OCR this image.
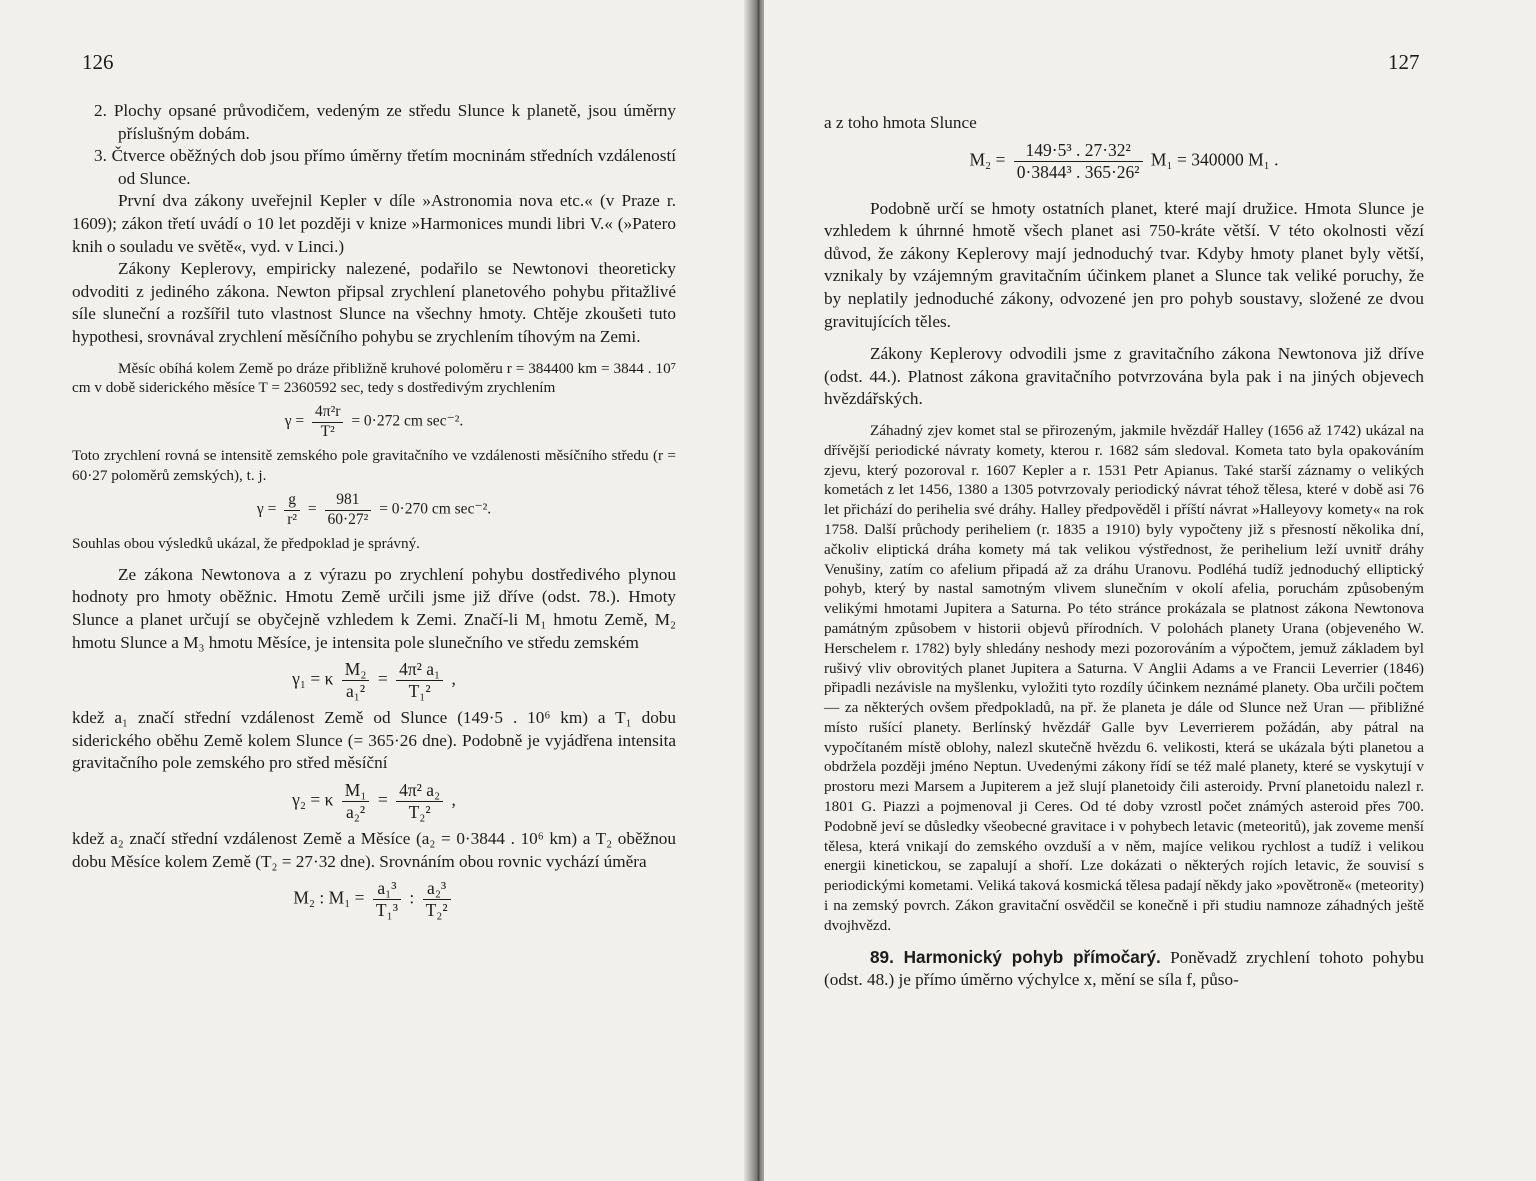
126

2. Plochy opsané průvodičem, vedeným ze středu Slunce k planetě, jsou úměrny příslušným dobám.

3. Čtverce oběžných dob jsou přímo úměrny třetím mocninám středních vzdáleností od Slunce.

První dva zákony uveřejnil Kepler v díle »Astronomia nova etc.« (v Praze r. 1609); zákon třetí uvádí o 10 let později v knize »Harmonices mundi libri V.« (»Patero knih o souladu ve světě«, vyd. v Linci.)

Zákony Keplerovy, empiricky nalezené, podařilo se Newtonovi theoreticky odvoditi z jediného zákona. Newton připsal zrychlení planetového pohybu přitažlivé síle sluneční a rozšířil tuto vlastnost Slunce na všechny hmoty. Chtěje zkoušeti tuto hypothesi, srovnával zrychlení měsíčního pohybu se zrychlením tíhovým na Zemi.

Měsíc obíhá kolem Země po dráze přibližně kruhové poloměru r = 384400 km = 3844 . 10⁷ cm v době siderického měsíce T = 2360592 sec, tedy s dostředivým zrychlením

$\gamma = \frac{\text{4π²r}}{\text{T²}} = 0\cdot 272$ cm sec⁻².

Toto zrychlení rovná se intensitě zemského pole gravitačního ve vzdálenosti měsíčního středu (r = 60·27 poloměrů zemských), t. j.

$\gamma = \frac{g}{\text{r²}} = \frac{981}{\text{60·27²}} = 0\cdot 270$ cm sec⁻².

Souhlas obou výsledků ukázal, že předpoklad je správný.

Ze zákona Newtonova a z výrazu po zrychlení pohybu dostředivého plynou hodnoty pro hmoty oběžnic. Hmotu Země určili jsme již dříve (odst. 78.). Hmoty Slunce a planet určují se obyčejně vzhledem k Zemi. Značí-li M₁ hmotu Země, M₂ hmotu Slunce a M₃ hmotu Měsíce, je intensita pole slunečního ve středu zemském

γ₁ = κ $\frac{\text{M₂}}{\text{a₁²}} = \frac{\text{4π² a₁}}{\text{T₁²}}$ ,

kdež a₁ značí střední vzdálenost Země od Slunce (149·5 . 10⁶ km) a T₁ dobu siderického oběhu Země kolem Slunce (= 365·26 dne). Podobně je vyjádřena intensita gravitačního pole zemského pro střed měsíční

γ₂ = κ $\frac{\text{M₁}}{\text{a₂²}} = \frac{\text{4π² a₂}}{\text{T₂²}}$ ,

kdež a₂ značí střední vzdálenost Země a Měsíce (a₂ = 0·3844 . 10⁶ km) a T₂ oběžnou dobu Měsíce kolem Země (T₂ = 27·32 dne). Srovnáním obou rovnic vychází úměra

M₂ : $M_1 = \frac{\text{a₁³}}{\text{T₁³}}$ : $\frac{\text{a₂³}}{\text{T₂²}}$
127

a z toho hmota Slunce

$M_2 = \frac{\text{149·5³ . 27·32²}}{\text{0·3844³ . 365·26²}} M_1 = 340000$ M₁ .

Podobně určí se hmoty ostatních planet, které mají družice. Hmota Slunce je vzhledem k úhrnné hmotě všech planet asi 750-kráte větší. V této okolnosti vězí důvod, že zákony Keplerovy mají jednoduchý tvar. Kdyby hmoty planet byly větší, vznikaly by vzájemným gravitačním účinkem planet a Slunce tak veliké poruchy, že by neplatily jednoduché zákony, odvozené jen pro pohyb soustavy, složené ze dvou gravitujících těles.

Zákony Keplerovy odvodili jsme z gravitačního zákona Newtonova již dříve (odst. 44.). Platnost zákona gravitačního potvrzována byla pak i na jiných objevech hvězdářských.

Záhadný zjev komet stal se přirozeným, jakmile hvězdář Halley (1656 až 1742) ukázal na dřívější periodické návraty komety, kterou r. 1682 sám sledoval. Kometa tato byla opakováním zjevu, který pozoroval r. 1607 Kepler a r. 1531 Petr Apianus. Také starší záznamy o velikých kometách z let 1456, 1380 a 1305 potvrzovaly periodický návrat téhož tělesa, které v době asi 76 let přichází do perihelia své dráhy. Halley předpověděl i příští návrat »Halleyovy komety« na rok 1758. Další průchody periheliem (r. 1835 a 1910) byly vypočteny již s přesností několika dní, ačkoliv eliptická dráha komety má tak velikou výstřednost, že perihelium leží uvnitř dráhy Venušiny, zatím co afelium připadá až za dráhu Uranovu. Podléhá tudíž jednoduchý elliptický pohyb, který by nastal samotným vlivem slunečním v okolí afelia, poruchám způsobeným velikými hmotami Jupitera a Saturna. Po této stránce prokázala se platnost zákona Newtonova památným způsobem v historii objevů přírodních. V polohách planety Urana (objeveného W. Herschelem r. 1782) byly shledány neshody mezi pozorováním a výpočtem, jemuž základem byl rušivý vliv obrovitých planet Jupitera a Saturna. V Anglii Adams a ve Francii Leverrier (1846) připadli nezávisle na myšlenku, vyložiti tyto rozdíly účinkem neznámé planety. Oba určili počtem — za některých ovšem předpokladů, na př. že planeta je dále od Slunce než Uran — přibližné místo rušící planety. Berlínský hvězdář Galle byv Leverrierem požádán, aby pátral na vypočítaném místě oblohy, nalezl skutečně hvězdu 6. velikosti, která se ukázala býti planetou a obdržela později jméno Neptun. Uvedenými zákony řídí se též malé planety, které se vyskytují v prostoru mezi Marsem a Jupiterem a jež slují planetoidy čili asteroidy. První planetoidu nalezl r. 1801 G. Piazzi a pojmenoval ji Ceres. Od té doby vzrostl počet známých asteroid přes 700. Podobně jeví se důsledky všeobecné gravitace i v pohybech letavic (meteoritů), jak zoveme menší tělesa, která vnikají do zemského ovzduší a v něm, majíce velikou rychlost a tudíž i velikou energii kinetickou, se zapalují a shoří. Lze dokázati o některých rojích letavic, že souvisí s periodickými kometami. Veliká taková kosmická tělesa padají někdy jako »povětroně« (meteority) i na zemský povrch. Zákon gravitační osvědčil se konečně i při studiu namnoze záhadných ještě dvojhvězd.

89. Harmonický pohyb přímočarý. Poněvadž zrychlení tohoto pohybu (odst. 48.) je přímo úměrno výchylce x, mění se síla f, půso-
